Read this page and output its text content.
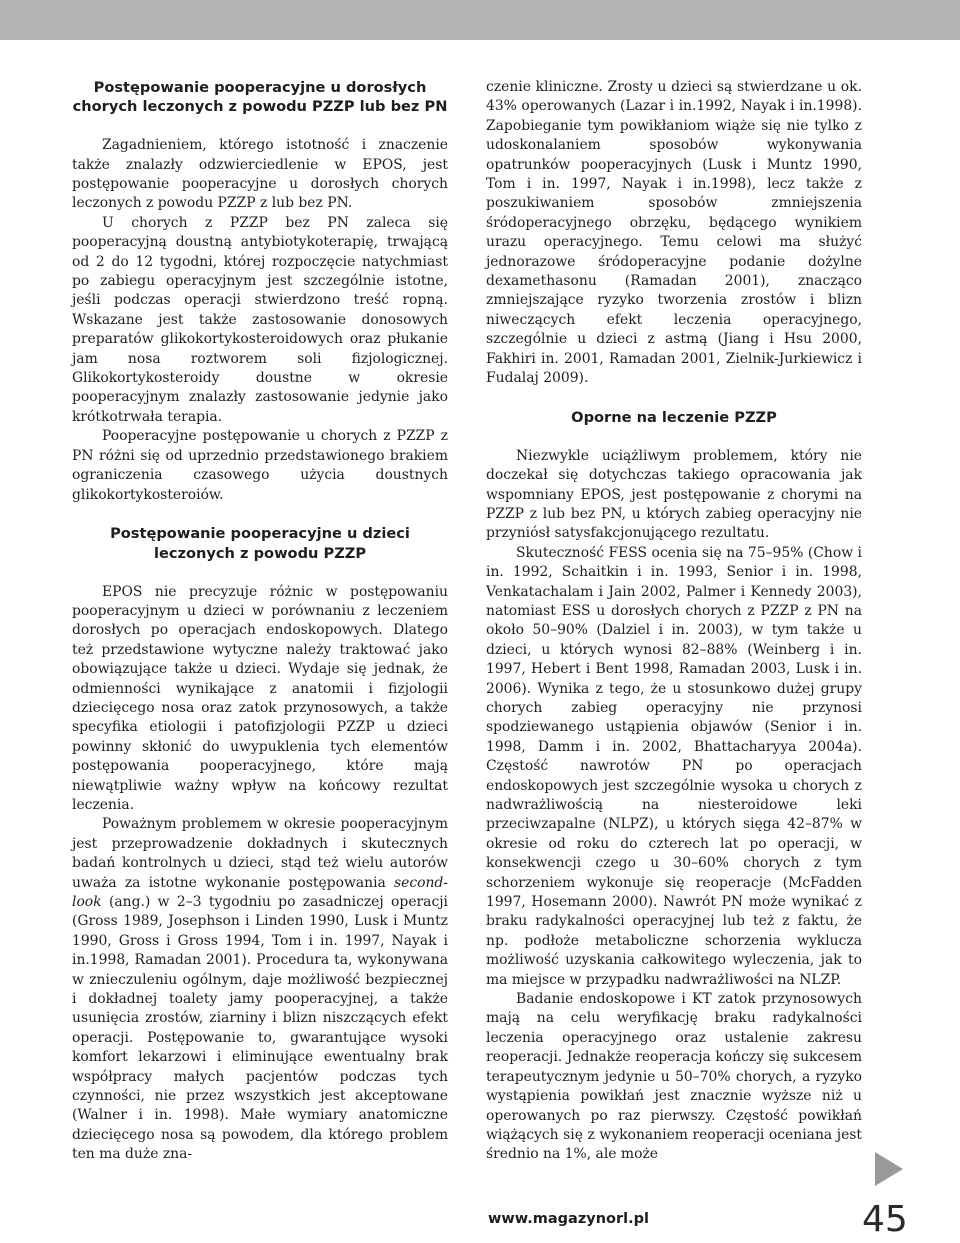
Postępowanie pooperacyjne u dorosłych chorych leczonych z powodu PZZP lub bez PN

Zagadnieniem, którego istotność i znaczenie także znalazły odzwierciedlenie w EPOS, jest postępowanie pooperacyjne u dorosłych chorych leczonych z powodu PZZP z lub bez PN.

U chorych z PZZP bez PN zaleca się pooperacyjną doustną antybiotykoterapię, trwającą od 2 do 12 tygodni, której rozpoczęcie natychmiast po zabiegu operacyjnym jest szczególnie istotne, jeśli podczas operacji stwierdzono treść ropną. Wskazane jest także zastosowanie donosowych preparatów glikokortykosteroidowych oraz płukanie jam nosa roztworem soli fizjologicznej. Glikokortykosteroidy doustne w okresie pooperacyjnym znalazły zastosowanie jedynie jako krótkotrwała terapia.

Pooperacyjne postępowanie u chorych z PZZP z PN różni się od uprzednio przedstawionego brakiem ograniczenia czasowego użycia doustnych glikokortykosteroiów.

Postępowanie pooperacyjne u dzieci leczonych z powodu PZZP

EPOS nie precyzuje różnic w postępowaniu pooperacyjnym u dzieci w porównaniu z leczeniem dorosłych po operacjach endoskopowych. Dlatego też przedstawione wytyczne należy traktować jako obowiązujące także u dzieci. Wydaje się jednak, że odmienności wynikające z anatomii i fizjologii dziecięcego nosa oraz zatok przynosowych, a także specyfika etiologii i patofizjologii PZZP u dzieci powinny skłonić do uwypuklenia tych elementów postępowania pooperacyjnego, które mają niewątpliwie ważny wpływ na końcowy rezultat leczenia.

Poważnym problemem w okresie pooperacyjnym jest przeprowadzenie dokładnych i skutecznych badań kontrolnych u dzieci, stąd też wielu autorów uważa za istotne wykonanie postępowania second-look (ang.) w 2–3 tygodniu po zasadniczej operacji (Gross 1989, Josephson i Linden 1990, Lusk i Muntz 1990, Gross i Gross 1994, Tom i in. 1997, Nayak i in.1998, Ramadan 2001). Procedura ta, wykonywana w znieczuleniu ogólnym, daje możliwość bezpiecznej i dokładnej toalety jamy pooperacyjnej, a także usunięcia zrostów, ziarniny i blizn niszczących efekt operacji. Postępowanie to, gwarantujące wysoki komfort lekarzowi i eliminujące ewentualny brak współpracy małych pacjentów podczas tych czynności, nie przez wszystkich jest akceptowane (Walner i in. 1998). Małe wymiary anatomiczne dziecięcego nosa są powodem, dla którego problem ten ma duże zna-

czenie kliniczne. Zrosty u dzieci są stwierdzane u ok. 43% operowanych (Lazar i in.1992, Nayak i in.1998). Zapobieganie tym powikłaniom wiąże się nie tylko z udoskonalaniem sposobów wykonywania opatrunków pooperacyjnych (Lusk i Muntz 1990, Tom i in. 1997, Nayak i in.1998), lecz także z poszukiwaniem sposobów zmniejszenia śródoperacyjnego obrzęku, będącego wynikiem urazu operacyjnego. Temu celowi ma służyć jednorazowe śródoperacyjne podanie dożylne dexamethasonu (Ramadan 2001), znacząco zmniejszające ryzyko tworzenia zrostów i blizn niweczących efekt leczenia operacyjnego, szczególnie u dzieci z astmą (Jiang i Hsu 2000, Fakhiri in. 2001, Ramadan 2001, Zielnik-Jurkiewicz i Fudalaj 2009).

Oporne na leczenie PZZP

Niezwykle uciążliwym problemem, który nie doczekał się dotychczas takiego opracowania jak wspomniany EPOS, jest postępowanie z chorymi na PZZP z lub bez PN, u których zabieg operacyjny nie przyniósł satysfakcjonującego rezultatu.

Skuteczność FESS ocenia się na 75–95% (Chow i in. 1992, Schaitkin i in. 1993, Senior i in. 1998, Venkatachalam i Jain 2002, Palmer i Kennedy 2003), natomiast ESS u dorosłych chorych z PZZP z PN na około 50–90% (Dalziel i in. 2003), w tym także u dzieci, u których wynosi 82–88% (Weinberg i in. 1997, Hebert i Bent 1998, Ramadan 2003, Lusk i in. 2006). Wynika z tego, że u stosunkowo dużej grupy chorych zabieg operacyjny nie przynosi spodziewanego ustąpienia objawów (Senior i in. 1998, Damm i in. 2002, Bhattacharyya 2004a). Częstość nawrotów PN po operacjach endoskopowych jest szczególnie wysoka u chorych z nadwrażliwością na niesteroidowe leki przeciwzapalne (NLPZ), u których sięga 42–87% w okresie od roku do czterech lat po operacji, w konsekwencji czego u 30–60% chorych z tym schorzeniem wykonuje się reoperacje (McFadden 1997, Hosemann 2000). Nawrót PN może wynikać z braku radykalności operacyjnej lub też z faktu, że np. podłoże metaboliczne schorzenia wyklucza możliwość uzyskania całkowitego wyleczenia, jak to ma miejsce w przypadku nadwrażliwości na NLZP.

Badanie endoskopowe i KT zatok przynosowych mają na celu weryfikację braku radykalności leczenia operacyjnego oraz ustalenie zakresu reoperacji. Jednakże reoperacja kończy się sukcesem terapeutycznym jedynie u 50–70% chorych, a ryzyko wystąpienia powikłań jest znacznie wyższe niż u operowanych po raz pierwszy. Częstość powikłań wiążących się z wykonaniem reoperacji oceniana jest średnio na 1%, ale może

www.magazynorl.pl	45
